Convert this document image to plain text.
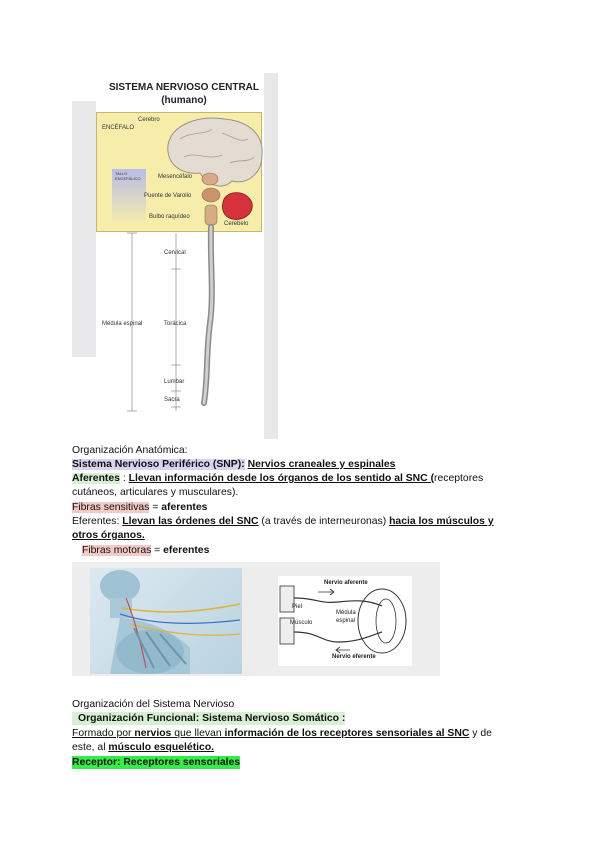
SISTEMA NERVIOSO CENTRAL
(humano)
ENCÉFALO
Cerebro
TALLO ENCEFÁLICO	Mesencéfalo
Puente de Varolio
Bulbo raquídeo
Cerebelo
Cervical
Médula espinal	Torácica
Lumbar
Sacra
Organización Anatómica:
Sistema Nervioso Periférico (SNP): Nervios craneales y espinales
Aferentes : Llevan información desde los órganos de los sentido al SNC (receptores
cutáneos, articulares y musculares).
Fibras sensitivas = aferentes
Eferentes: Llevan las órdenes del SNC (a través de interneuronas) hacia los músculos y
otros órganos.
Fibras motoras = eferentes
Nervio aferente
Piel
Músculo
Médula
espinal
Nervio eferente
Organización del Sistema Nervioso
Organización Funcional: Sistema Nervioso Somático :
Formado por nervios que llevan información de los receptores sensoriales al SNC y de
este, al músculo esquelético.
Receptor: Receptores sensoriales
